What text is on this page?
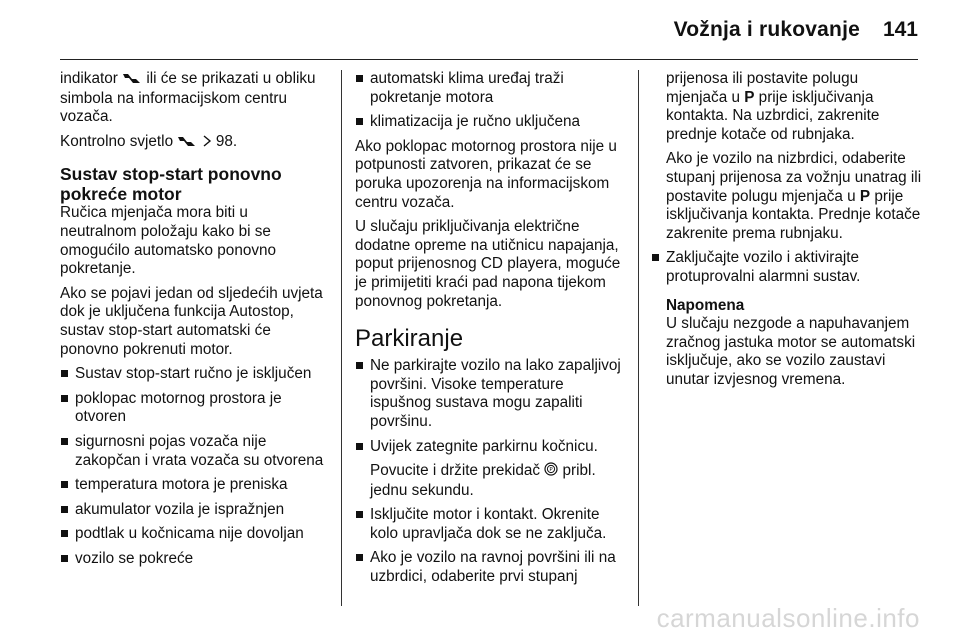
Vožnja i rukovanje 141

indikator  ili će se prikazati u obliku simbola na informacijskom centru vozača.

Kontrolno svjetlo	98.

Sustav stop-start ponovno pokreće motor

Ručica mjenjača mora biti u neutralnom položaju kako bi se omogućilo automatsko ponovno pokretanje.

Ako se pojavi jedan od sljedećih uvjeta dok je uključena funkcija Autostop, sustav stop-start automatski će ponovno pokrenuti motor.

Sustav stop-start ručno je isključen
poklopac motornog prostora je otvoren
sigurnosni pojas vozača nije zakopčan i vrata vozača su otvorena
temperatura motora je preniska
akumulator vozila je ispražnjen
podtlak u kočnicama nije dovoljan
vozilo se pokreće
automatski klima uređaj traži pokretanje motora
klimatizacija je ručno uključena

Ako poklopac motornog prostora nije u potpunosti zatvoren, prikazat će se poruka upozorenja na informacijskom centru vozača.

U slučaju priključivanja električne dodatne opreme na utičnicu napajanja, poput prijenosnog CD playera, moguće je primijetiti kraći pad napona tijekom ponovnog pokretanja.

Parkiranje
Ne parkirajte vozilo na lako zapaljivoj površini. Visoke temperature ispušnog sustava mogu zapaliti površinu.
Uvijek zategnite parkirnu kočnicu.
Povucite i držite prekidač P pribl. jednu sekundu.
Isključite motor i kontakt. Okrenite kolo upravljača dok se ne zaključa.
Ako je vozilo na ravnoj površini ili na uzbrdici, odaberite prvi stupanj

prijenosa ili postavite polugu mjenjača u P prije isključivanja kontakta. Na uzbrdici, zakrenite prednje kotače od rubnjaka.

Ako je vozilo na nizbrdici, odaberite stupanj prijenosa za vožnju unatrag ili postavite polugu mjenjača u P prije isključivanja kontakta. Prednje kotače zakrenite prema rubnjaku.

Zaključajte vozilo i aktivirajte protuprovalni alarmni sustav.
Napomena

U slučaju nezgode a napuhavanjem zračnog jastuka motor se automatski isključuje, ako se vozilo zaustavi unutar izvjesnog vremena.

carmanualsonline.info
